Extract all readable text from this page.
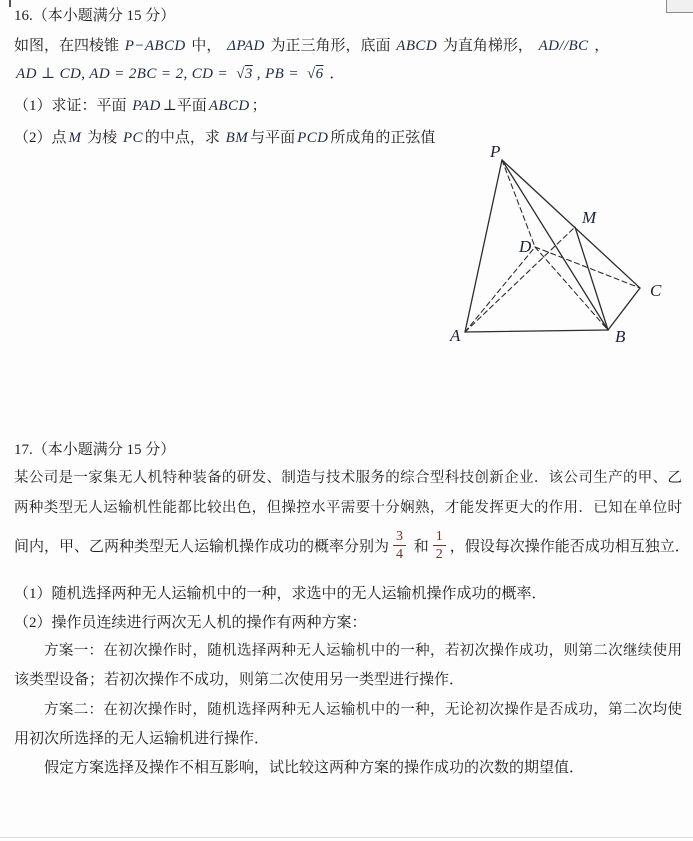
16.（本小题满分 15 分）
如图，在四棱锥 P−ABCD 中， ΔPAD 为正三角形，底面 ABCD 为直角梯形， AD//BC ，
AD ⊥ CD, AD = 2BC = 2, CD = √3 , PB = √6 ．
（1）求证：平面 PAD ⊥平面 ABCD ；
（2）点 M 为棱 PC 的中点，求 BM 与平面 PCD 所成角的正弦值
P
A	B
C
D
M
17.（本小题满分 15 分）
某公司是一家集无人机特种装备的研发、制造与技术服务的综合型科技创新企业．该公司生产的甲、乙
两种类型无人运输机性能都比较出色，但操控水平需要十分娴熟，才能发挥更大的作用．已知在单位时
间内，甲、乙两种类型无人运输机操作成功的概率分别为 $\frac{3}{4}$ 和 $\frac{1}{2}$ ，假设每次操作能否成功相互独立．
（1）随机选择两种无人运输机中的一种，求选中的无人运输机操作成功的概率．
（2）操作员连续进行两次无人机的操作有两种方案：
方案一：在初次操作时，随机选择两种无人运输机中的一种，若初次操作成功，则第二次继续使用
该类型设备；若初次操作不成功，则第二次使用另一类型进行操作．
方案二：在初次操作时，随机选择两种无人运输机中的一种，无论初次操作是否成功，第二次均使
用初次所选择的无人运输机进行操作．
假定方案选择及操作不相互影响，试比较这两种方案的操作成功的次数的期望值．
